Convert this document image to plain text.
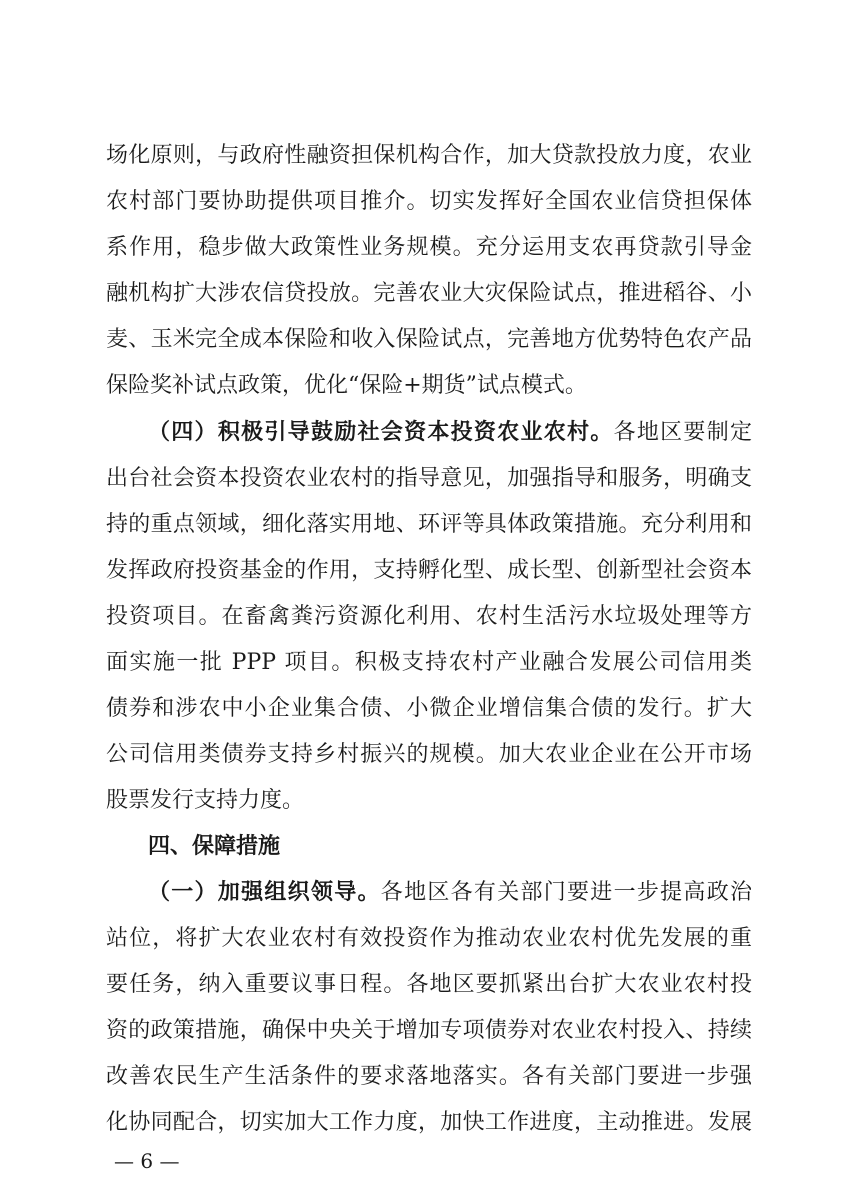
场化原则，与政府性融资担保机构合作，加大贷款投放力度，农业
农村部门要协助提供项目推介。切实发挥好全国农业信贷担保体
系作用，稳步做大政策性业务规模。充分运用支农再贷款引导金
融机构扩大涉农信贷投放。完善农业大灾保险试点，推进稻谷、小
麦、玉米完全成本保险和收入保险试点，完善地方优势特色农产品
保险奖补试点政策，优化“保险+期货”试点模式。
（四）积极引导鼓励社会资本投资农业农村。各地区要制定
出台社会资本投资农业农村的指导意见，加强指导和服务，明确支
持的重点领域，细化落实用地、环评等具体政策措施。充分利用和
发挥政府投资基金的作用，支持孵化型、成长型、创新型社会资本
投资项目。在畜禽粪污资源化利用、农村生活污水垃圾处理等方
面实施一批 PPP 项目。积极支持农村产业融合发展公司信用类
债券和涉农中小企业集合债、小微企业增信集合债的发行。扩大
公司信用类债券支持乡村振兴的规模。加大农业企业在公开市场
股票发行支持力度。
四、保障措施
（一）加强组织领导。各地区各有关部门要进一步提高政治
站位，将扩大农业农村有效投资作为推动农业农村优先发展的重
要任务，纳入重要议事日程。各地区要抓紧出台扩大农业农村投
资的政策措施，确保中央关于增加专项债券对农业农村投入、持续
改善农民生产生活条件的要求落地落实。各有关部门要进一步强
化协同配合，切实加大工作力度，加快工作进度，主动推进。发展
— 6 —
